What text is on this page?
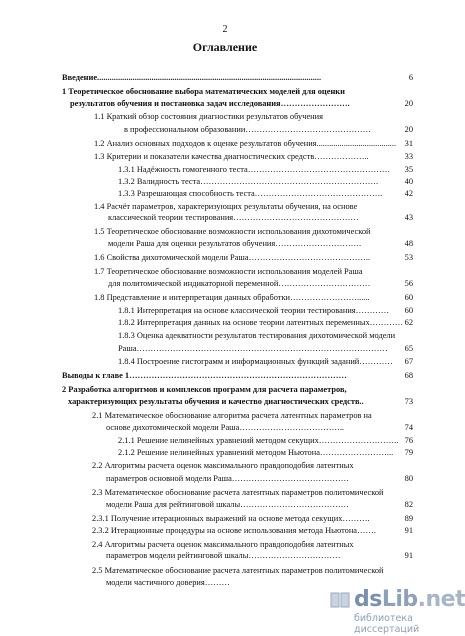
2
Оглавление
dsLib.net
библиотека диссертаций
Введение...........................................................................................................	6
1 Теоретическое обоснование выбора математических моделей для оценки
результатов обучения и постановка задач исследования…………………….	20
1.1 Краткий обзор состояния диагностики результатов обучения
в профессиональном образовании………………………………………	20
1.2 Анализ основных подходов к оценке результатов обучения......................................	31
1.3 Критерии и показатели качества диагностических средств………………..	33
1.3.1 Надёжность гомогенного теста……………………………………………	35
1.3.2 Валидность теста……………………………………………………….	40
1.3.3 Разрешающая способность теста……………………………………….	42
1.4 Расчёт параметров, характеризующих результаты обучения, на основе
классической теории тестирования………………………………………	43
1.5 Теоретическое обоснование возможности использования дихотомической
модели Раша для оценки результатов обучения………………………….	48
1.6 Свойства дихотомической модели Раша……………………………………..	53
1.7 Теоретическое обоснование возможности использования моделей Раша
для политомической индикаторной переменной……………………………	56
1.8 Представление и интерпретация данных обработки……………………......	60
1.8.1 Интерпретация на основе классической теории тестирования…………	60
1.8.2 Интерпретация данных на основе теории латентных переменных………… 62
1.8.3 Оценка адекватности результатов тестирования дихотомической модели
Раша………………………………………………………………………………	65
1.8.4 Построение гистограмм и информационных функций заданий…………	67
Выводы к главе 1……………………………………………………………………	68
2 Разработка алгоритмов и комплексов программ для расчета параметров,
характеризующих результаты обучения и качество диагностических средств..	73
2.1 Математическое обоснование алгоритма расчета латентных параметров на
основе дихотомической модели Раша………………………………..	74
2.1.1 Решение нелинейных уравнений методом секущих……………………….. 76
2.1.2 Решение нелинейных уравнений методом Ньютона……………………...	79
2.2 Алгоритмы расчета оценок максимального правдоподобия латентных
параметров основной модели Раша……………………………………	80
2.3 Математическое обоснование расчета латентных параметров политомической
модели Раша для рейтинговой шкалы…………………………………	82
2.3.1 Получение итерационных выражений на основе метода секущих……….	89
2.3.2 Итерационные процедуры на основе использования метода Ньютона…….	91
2.4 Алгоритмы расчета оценок максимального правдоподобия латентных
параметров модели рейтинговой шкалы……………………………	91
2.5 Математическое обоснование расчета латентных параметров политомической
модели частичного доверия………
